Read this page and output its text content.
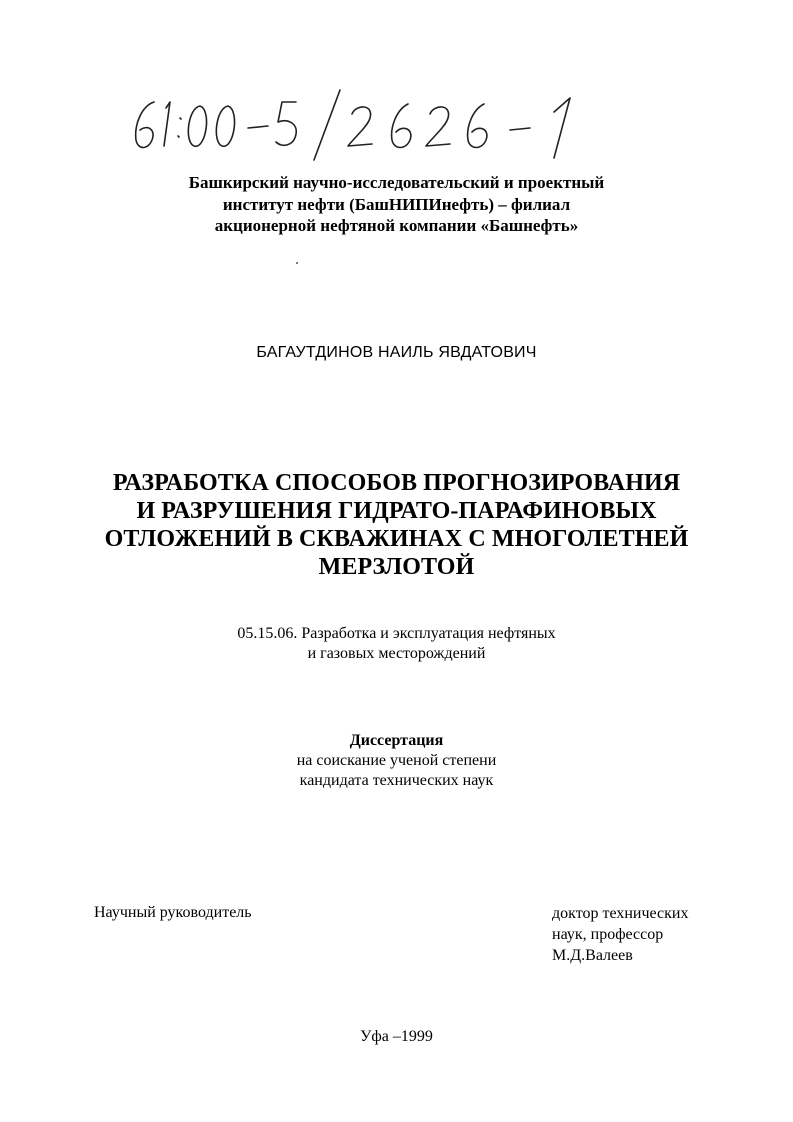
Башкирский научно-исследовательский и проектный
институт нефти (БашНИПИнефть) – филиал
акционерной нефтяной компании «Башнефть»
БАГАУТДИНОВ НАИЛЬ ЯВДАТОВИЧ
РАЗРАБОТКА СПОСОБОВ ПРОГНОЗИРОВАНИЯ
И РАЗРУШЕНИЯ ГИДРАТО-ПАРАФИНОВЫХ
ОТЛОЖЕНИЙ В СКВАЖИНАХ С МНОГОЛЕТНЕЙ
МЕРЗЛОТОЙ
05.15.06. Разработка и эксплуатация нефтяных
и газовых месторождений
Диссертация
на соискание ученой степени
кандидата технических наук
Научный руководитель	доктор технических
наук, профессор
М.Д.Валеев
Уфа –1999
